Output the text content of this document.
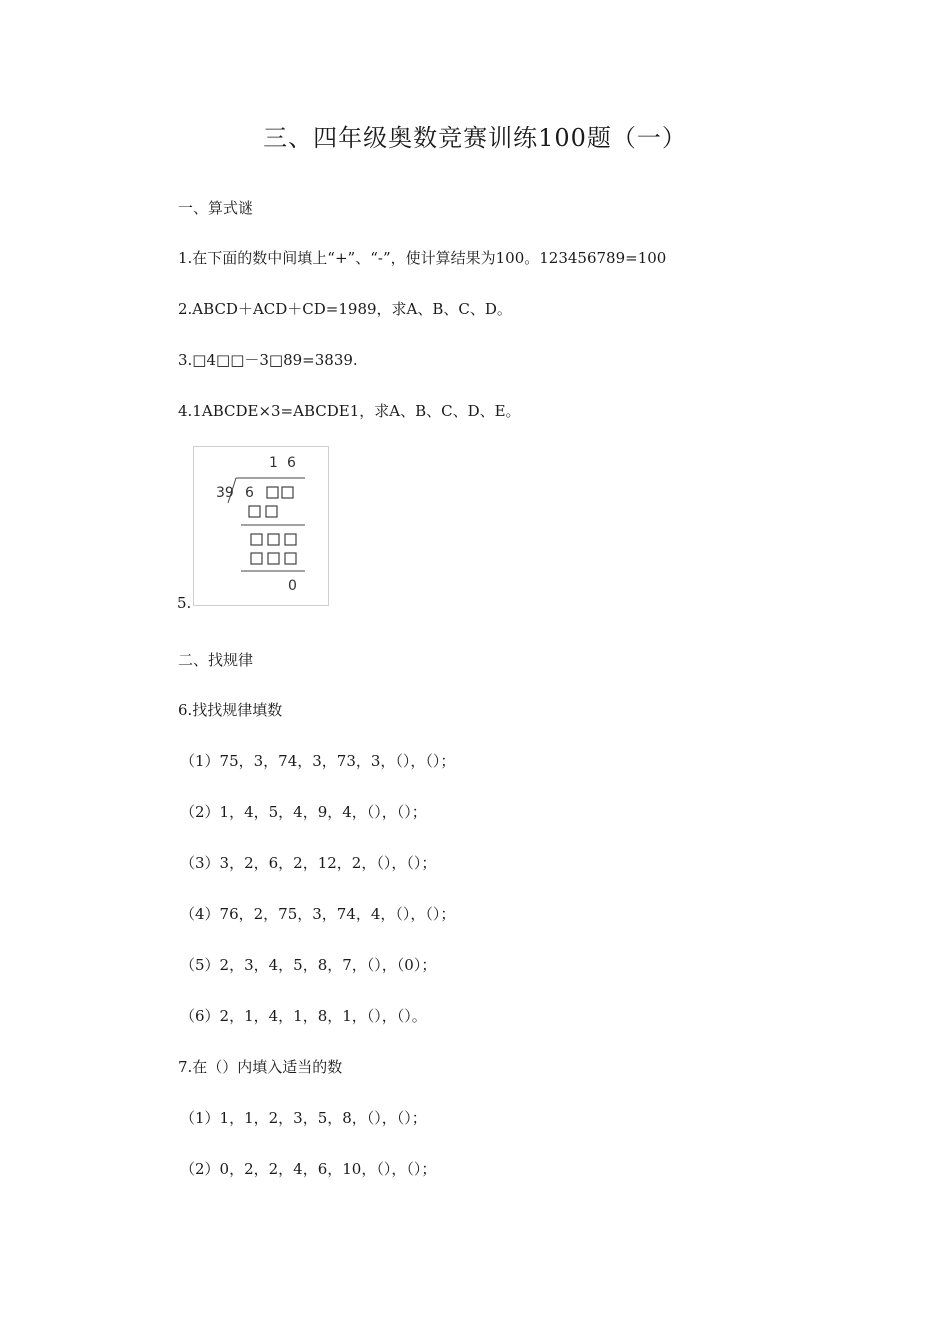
三、四年级奥数竞赛训练100题（一）
一、算式谜
1.在下面的数中间填上“+”、“-”，使计算结果为100。123456789=100
2.ABCD＋ACD＋CD=1989，求A、B、C、D。
3.□4□□－3□89=3839.
4.1ABCDE×3=ABCDE1，求A、B、C、D、E。
5.
1 6
39 6
0
二、找规律
6.找找规律填数
（1）75，3，74，3，73，3，（），（）；
（2）1，4，5，4，9，4，（），（）；
（3）3，2，6，2，12，2，（），（）；
（4）76，2，75，3，74，4，（），（）；
（5）2，3，4，5，8，7，（），（0）；
（6）2，1，4，1，8，1，（），（）。
7.在（）内填入适当的数
（1）1，1，2，3，5，8，（），（）；
（2）0，2，2，4，6，10，（），（）；
